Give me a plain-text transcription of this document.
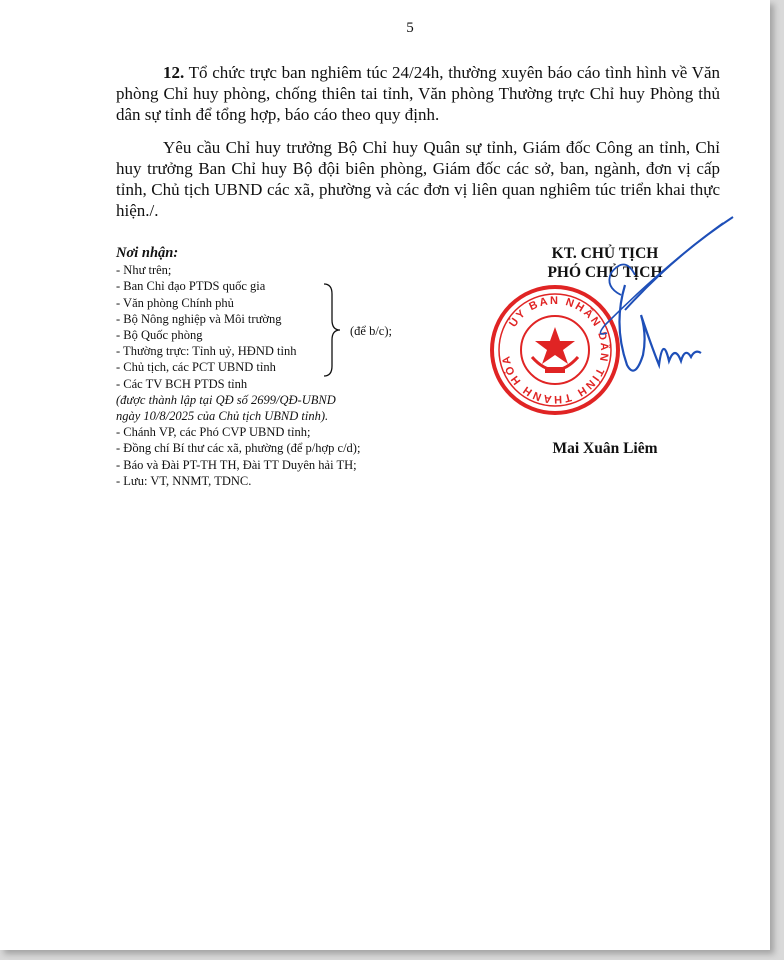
5

12. Tổ chức trực ban nghiêm túc 24/24h, thường xuyên báo cáo tình hình về Văn phòng Chỉ huy phòng, chống thiên tai tỉnh, Văn phòng Thường trực Chỉ huy Phòng thủ dân sự tỉnh để tổng hợp, báo cáo theo quy định.

Yêu cầu Chỉ huy trưởng Bộ Chỉ huy Quân sự tỉnh, Giám đốc Công an tỉnh, Chỉ huy trưởng Ban Chỉ huy Bộ đội biên phòng, Giám đốc các sở, ban, ngành, đơn vị cấp tỉnh, Chủ tịch UBND các xã, phường và các đơn vị liên quan nghiêm túc triển khai thực hiện./.

Nơi nhận:
- Như trên;
- Ban Chỉ đạo PTDS quốc gia
- Văn phòng Chính phủ
- Bộ Nông nghiệp và Môi trường
- Bộ Quốc phòng
- Thường trực: Tỉnh uỷ, HĐND tỉnh
- Chủ tịch, các PCT UBND tỉnh
- Các TV BCH PTDS tỉnh
(được thành lập tại QĐ số 2699/QĐ-UBND
ngày 10/8/2025 của Chủ tịch UBND tỉnh).
- Chánh VP, các Phó CVP UBND tỉnh;
- Đồng chí Bí thư các xã, phường (để p/hợp c/d);
- Báo và Đài PT-TH TH, Đài TT Duyên hải TH;
- Lưu: VT, NNMT, TDNC.
(để b/c);
KT. CHỦ TỊCH
PHÓ CHỦ TỊCH
ỦY BAN NHÂN DÂN TỈNH THANH HÓA
Mai Xuân Liêm
